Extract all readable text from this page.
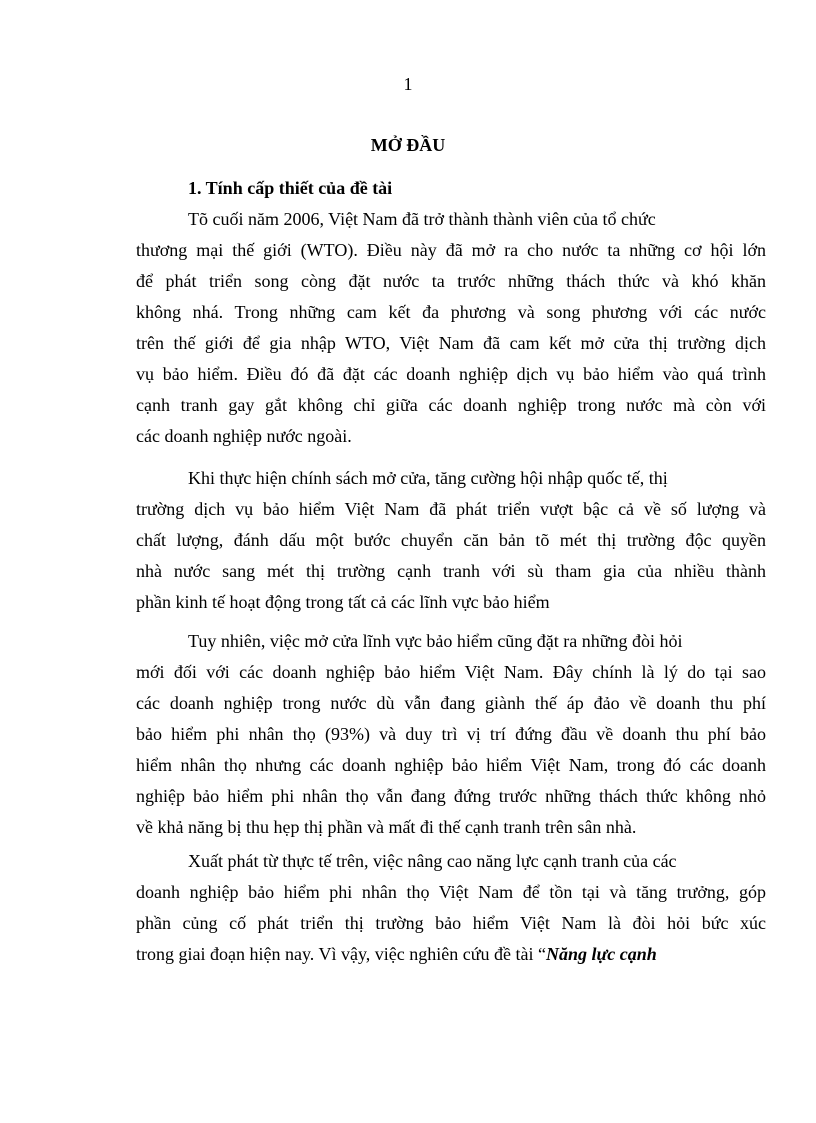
1
MỞ ĐẦU
1. Tính cấp thiết của đề tài
Tõ cuối năm 2006, Việt Nam đã trở thành thành viên của tổ chức
thương mại thế giới (WTO). Điều này đã mở ra cho nước ta những cơ hội lớn
để phát triển song còng đặt nước ta trước những thách thức và khó khăn
không nhá. Trong những cam kết đa phương và song phương với các nước
trên thế giới để gia nhập WTO, Việt Nam đã cam kết mở cửa thị trường dịch
vụ bảo hiểm. Điều đó đã đặt các doanh nghiệp dịch vụ bảo hiểm vào quá trình
cạnh tranh gay gắt không chỉ giữa các doanh nghiệp trong nước mà còn với
các doanh nghiệp nước ngoài.
Khi thực hiện chính sách mở cửa, tăng cường hội nhập quốc tế, thị
trường dịch vụ bảo hiểm Việt Nam đã phát triển vượt bậc cả về số lượng và
chất lượng, đánh dấu một bước chuyển căn bản tõ mét thị trường độc quyền
nhà nước sang mét thị trường cạnh tranh với sù tham gia của nhiều thành
phần kinh tế hoạt động trong tất cả các lĩnh vực bảo hiểm
Tuy nhiên, việc mở cửa lĩnh vực bảo hiểm cũng đặt ra những đòi hỏi
mới đối với các doanh nghiệp bảo hiểm Việt Nam. Đây chính là lý do tại sao
các doanh nghiệp trong nước dù vẫn đang giành thế áp đảo về doanh thu phí
bảo hiểm phi nhân thọ (93%) và duy trì vị trí đứng đầu về doanh thu phí bảo
hiểm nhân thọ nhưng các doanh nghiệp bảo hiểm Việt Nam, trong đó các doanh
nghiệp bảo hiểm phi nhân thọ vẫn đang đứng trước những thách thức không nhỏ
về khả năng bị thu hẹp thị phần và mất đi thế cạnh tranh trên sân nhà.
Xuất phát từ thực tế trên, việc nâng cao năng lực cạnh tranh của các
doanh nghiệp bảo hiểm phi nhân thọ Việt Nam để tồn tại và tăng trưởng, góp
phần củng cố phát triển thị trường bảo hiểm Việt Nam là đòi hỏi bức xúc
trong giai đoạn hiện nay. Vì vậy, việc nghiên cứu đề tài “Năng lực cạnh
